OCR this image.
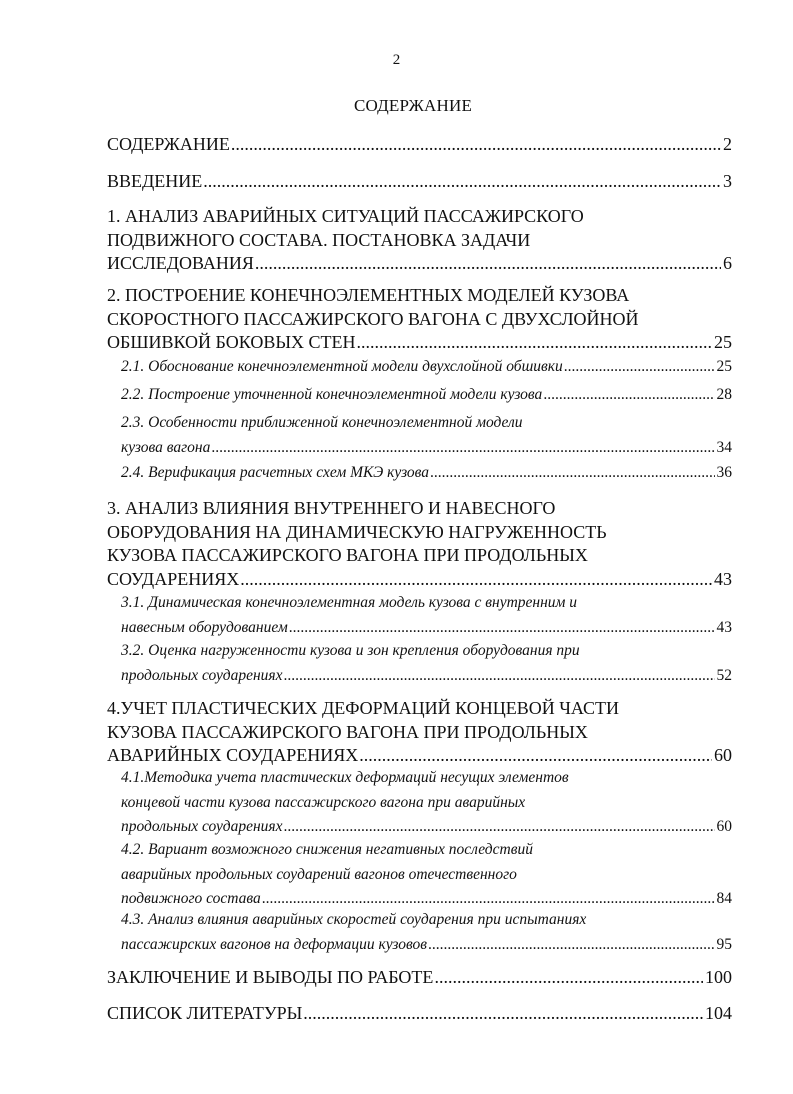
2
СОДЕРЖАНИЕ
СОДЕРЖАНИЕ .....	2
ВВЕДЕНИЕ .....	3
1. АНАЛИЗ АВАРИЙНЫХ СИТУАЦИЙ ПАССАЖИРСКОГО
ПОДВИЖНОГО СОСТАВА. ПОСТАНОВКА ЗАДАЧИ
ИССЛЕДОВАНИЯ .....	6
2. ПОСТРОЕНИЕ КОНЕЧНОЭЛЕМЕНТНЫХ МОДЕЛЕЙ КУЗОВА
СКОРОСТНОГО ПАССАЖИРСКОГО ВАГОНА С ДВУХСЛОЙНОЙ
ОБШИВКОЙ БОКОВЫХ СТЕН .....	25
2.1. Обоснование конечноэлементной модели двухслойной обшивки .....	25
2.2. Построение уточненной конечноэлементной модели кузова .....	28
2.3. Особенности приближенной конечноэлементной модели
кузова вагона .....	34
2.4. Верификация расчетных схем МКЭ кузова .....	36
3. АНАЛИЗ ВЛИЯНИЯ ВНУТРЕННЕГО И НАВЕСНОГО
ОБОРУДОВАНИЯ НА ДИНАМИЧЕСКУЮ НАГРУЖЕННОСТЬ
КУЗОВА ПАССАЖИРСКОГО ВАГОНА ПРИ ПРОДОЛЬНЫХ
СОУДАРЕНИЯХ .....	43
3.1. Динамическая конечноэлементная модель кузова с внутренним и
навесным оборудованием .....	43
3.2. Оценка нагруженности кузова и зон крепления оборудования при
продольных соударениях .....	52
4.УЧЕТ ПЛАСТИЧЕСКИХ ДЕФОРМАЦИЙ КОНЦЕВОЙ ЧАСТИ
КУЗОВА ПАССАЖИРСКОГО ВАГОНА ПРИ ПРОДОЛЬНЫХ
АВАРИЙНЫХ СОУДАРЕНИЯХ .....	60
4.1.Методика учета пластических деформаций несущих элементов
концевой части кузова пассажирского вагона при аварийных
продольных соударениях .....	60
4.2. Вариант возможного снижения негативных последствий
аварийных продольных соударений вагонов отечественного
подвижного состава .....	84
4.3. Анализ влияния аварийных скоростей соударения при испытаниях
пассажирских вагонов на деформации кузовов .....	95
ЗАКЛЮЧЕНИЕ И ВЫВОДЫ ПО РАБОТЕ .....	100
СПИСОК ЛИТЕРАТУРЫ .....	104
